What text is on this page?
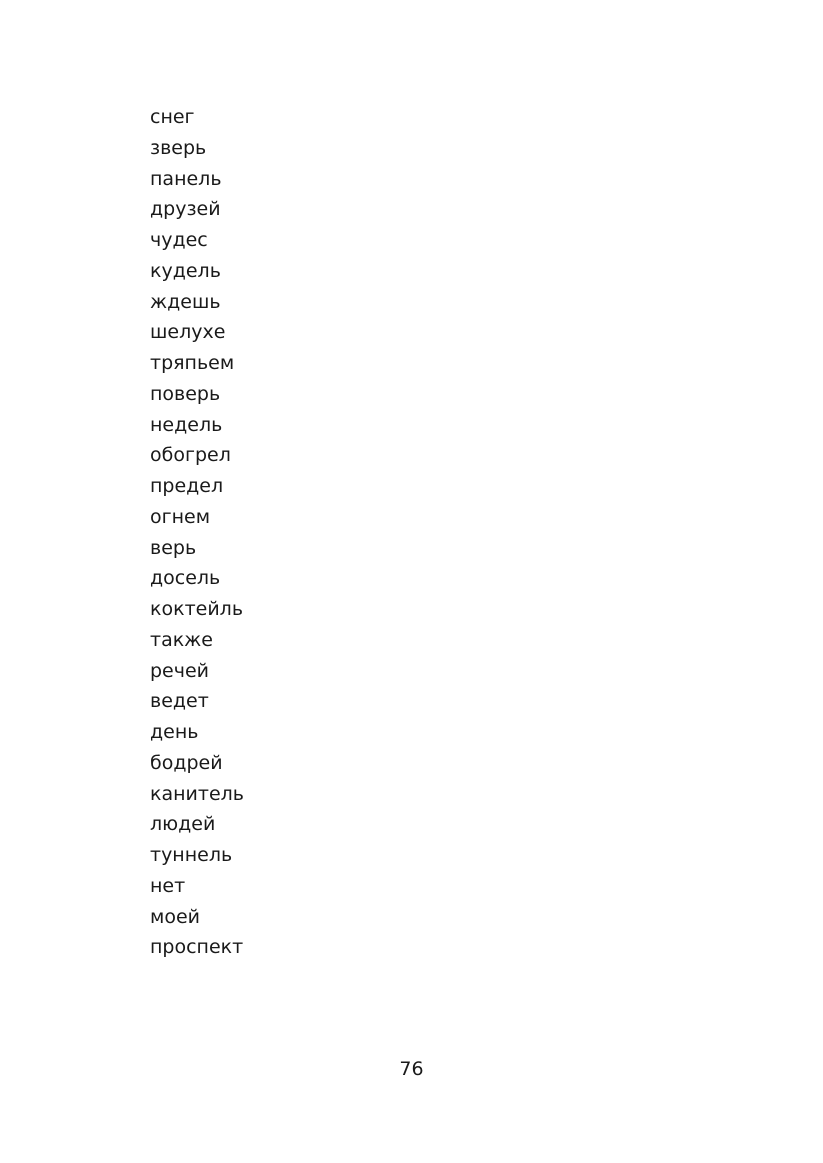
снег
зверь
панель
друзей
чудес
кудель
ждешь
шелухе
тряпьем
поверь
недель
обогрел
предел
огнем
верь
досель
коктейль
также
речей
ведет
день
бодрей
канитель
людей
туннель
нет
моей
проспект
76
